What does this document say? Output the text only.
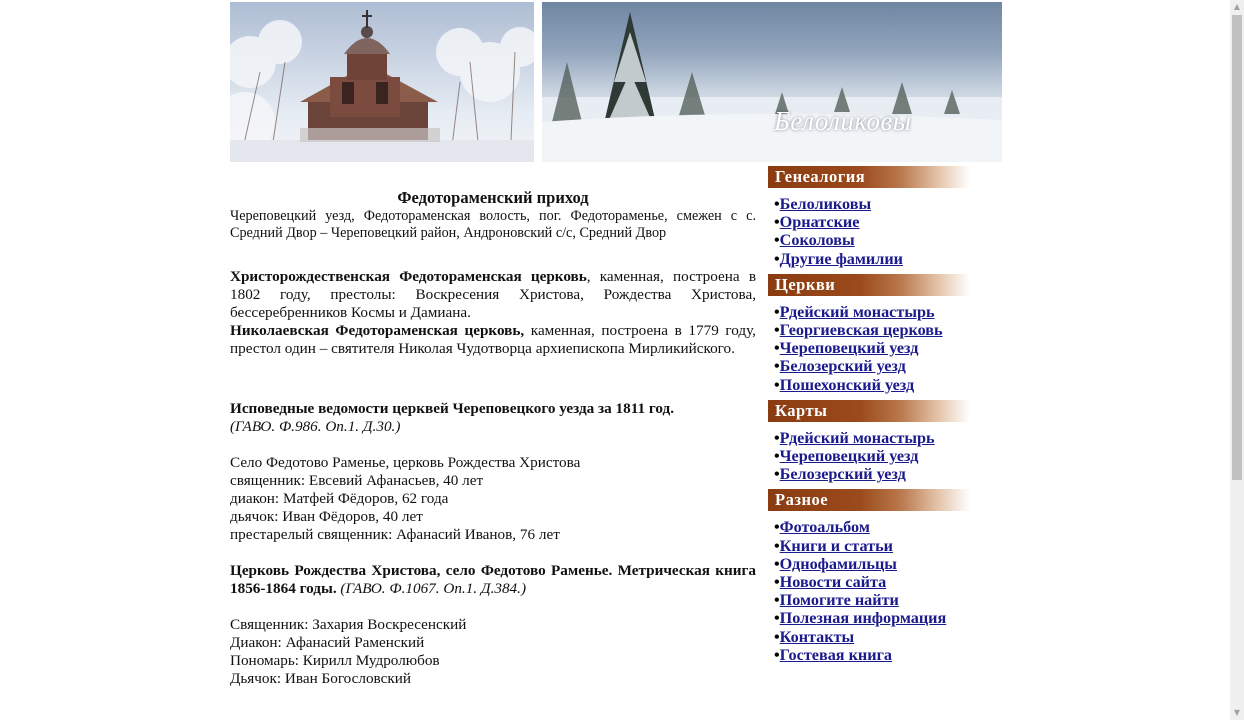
Белоликовы

Федотораменский приход

Череповецкий уезд, Федотораменская волость, пог. Федотораменье, смежен с с. Средний Двор – Череповецкий район, Андроновский с/с, Средний Двор

Христорождественская Федотораменская церковь, каменная, построена в 1802 году, престолы: Воскресения Христова, Рождества Христова, бессеребренников Космы и Дамиана.

Николаевская Федотораменская церковь, каменная, построена в 1779 году, престол один – святителя Николая Чудотворца архиепископа Мирликийского.

Исповедные ведомости церквей Череповецкого уезда за 1811 год.

(ГАВО. Ф.986. Оп.1. Д.30.)

Село Федотово Раменье, церковь Рождества Христова

священник: Евсевий Афанасьев, 40 лет

диакон: Матфей Фёдоров, 62 года

дьячок: Иван Фёдоров, 40 лет

престарелый священник: Афанасий Иванов, 76 лет

Церковь Рождества Христова, село Федотово Раменье. Метрическая книга 1856-1864 годы. (ГАВО. Ф.1067. Оп.1. Д.384.)

Священник: Захария Воскресенский

Диакон: Афанасий Раменский

Пономарь: Кирилл Мудролюбов

Дьячок: Иван Богословский

Генеалогия
•Белоликовы
•Орнатские
•Соколовы
•Другие фамилии
Церкви
•Рдейский монастырь
•Георгиевская церковь
•Череповецкий уезд
•Белозерский уезд
•Пошехонский уезд
Карты
•Рдейский монастырь
•Череповецкий уезд
•Белозерский уезд
Разное
•Фотоальбом
•Книги и статьи
•Однофамильцы
•Новости сайта
•Помогите найти
•Полезная информация
•Контакты
•Гостевая книга
▲
▼
